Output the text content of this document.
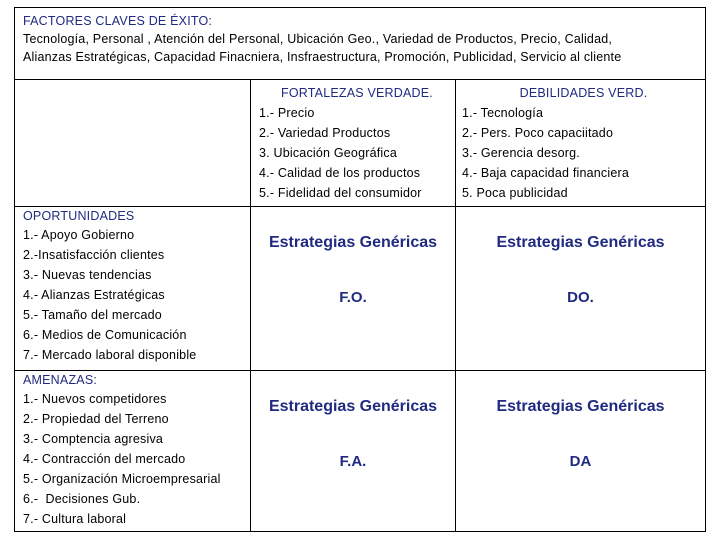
FACTORES CLAVES DE ÉXITO:
Tecnología, Personal , Atención del Personal, Ubicación Geo., Variedad de Productos, Precio, Calidad,
Alianzas Estratégicas, Capacidad Finacniera, Insfraestructura, Promoción, Publicidad, Servicio al cliente
FORTALEZAS VERDADE.
1.- Precio
2.- Variedad Productos
3. Ubicación Geográfica
4.- Calidad de los productos
5.- Fidelidad del consumidor
DEBILIDADES VERD.
1.- Tecnología
2.- Pers. Poco capaciitado
3.- Gerencia desorg.
4.- Baja capacidad financiera
5. Poca publicidad
OPORTUNIDADES
1.- Apoyo Gobierno
2.-Insatisfacción clientes
3.- Nuevas tendencias
4.- Alianzas Estratégicas
5.- Tamaño del mercado
6.- Medios de Comunicación
7.- Mercado laboral disponible
Estrategias Genéricas
F.O.
Estrategias Genéricas
DO.
AMENAZAS:
1.- Nuevos competidores
2.- Propiedad del Terreno
3.- Comptencia agresiva
4.- Contracción del mercado
5.- Organización Microempresarial
6.-  Decisiones Gub.
7.- Cultura laboral
Estrategias Genéricas
F.A.
Estrategias Genéricas
DA
